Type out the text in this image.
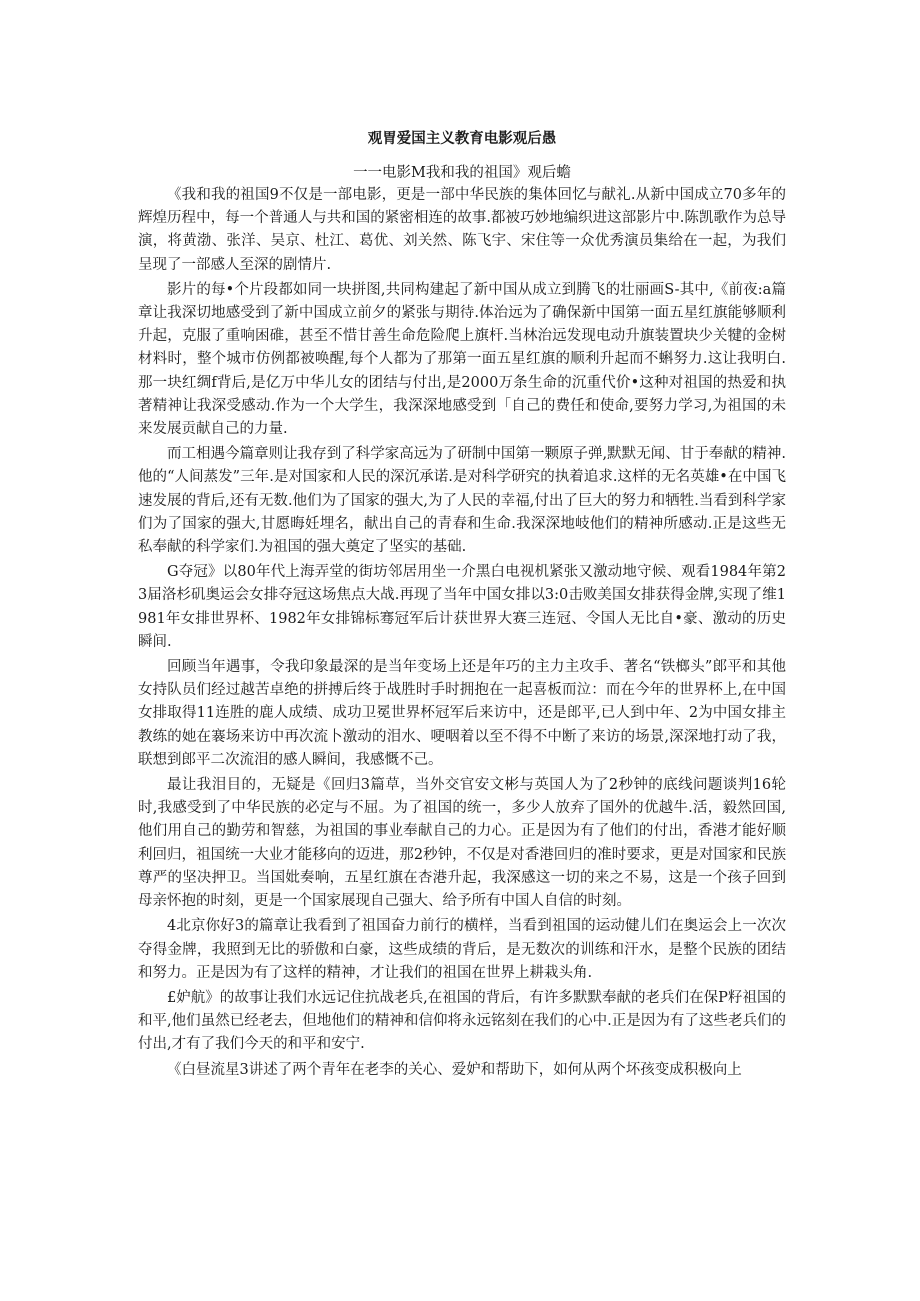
观胃爱国主义教育电影观后愚
一一电影M我和我的祖国》观后蟾

《我和我的祖国9不仅是一部电影，更是一部中华民族的集体回忆与献礼.从新中国成立70多年的辉煌历程中，每一个普通人与共和国的紧密相连的故事.都被巧妙地编织进这部影片中.陈凯歌作为总导演，将黄渤、张洋、吴京、杜江、葛优、刘关然、陈飞宇、宋住等一众优秀演员集给在一起，为我们呈现了一部感人至深的剧情片.

影片的每•个片段都如同一块拼图,共同构建起了新中国从成立到腾飞的壮丽画S-其中,《前夜:a篇章让我深切地感受到了新中国成立前夕的紧张与期待.体治远为了确保新中国第一面五星红旗能够顺利升起，克服了重响困碓，甚至不惜甘善生命危险爬上旗杆.当林治远发现电动升旗装置块少关犍的金树材料时，整个城市仿例都被唤醒,每个人都为了那第一面五星红旗的顺利升起而不蝌努力.这让我明白.那一块红绸f背后,是亿万中华儿女的团结与付出,是2000万条生命的沉重代价•这种对祖国的热爱和执著精神让我深受感动.作为一个大学生，我深深地感受到「自己的费任和使命,要努力学习,为祖国的未来发展贡献自己的力量.

而工相遇今篇章则让我存到了科学家高远为了研制中国第一颗原子弹,默默无闻、甘于奉献的精神.他的“人间蒸发”三年.是对国家和人民的深沉承诺.是对科学研究的执着追求.这样的无名英雄•在中国飞速发展的背后,还有无数.他们为了国家的强大,为了人民的幸福,付出了巨大的努力和牺牲.当看到科学家们为了国家的强大,甘愿晦妊埋名，献出自己的青春和生命.我深深地岐他们的精神所感动.正是这些无私奉献的科学家们.为祖国的强大奠定了坚实的基础.

G夺冠》以80年代上海弄堂的街坊邻居用坐一介黑白电视机紧张又激动地守候、观看1984年第23届洛杉矶奥运会女排夺冠这场焦点大战.再现了当年中国女排以3:0击败美国女排获得金牌,实现了维1981年女排世界杯、1982年女排锦标骞冠军后计获世界大赛三连冠、令国人无比自•豪、激动的历史瞬间.

回顾当年遇事，令我印象最深的是当年变场上还是年巧的主力主攻手、著名“铁榔头”郎平和其他女持队员们经过越苦卓绝的拼搏后终于战胜时手时拥抱在一起喜板而泣：而在今年的世界杯上,在中国女排取得11连胜的鹿人成绩、成功卫冕世界杯冠军后来访中，还是郎平,已人到中年、2为中国女排主教练的她在褰场来访中再次流卜激动的泪水、哽咽着以至不得不中断了来访的场景,深深地打动了我，联想到郎平二次流泪的感人瞬间，我感慨不己。

最让我泪目的，无疑是《回归3篇草，当外交官安文彬与英国人为了2秒钟的底线问题谈判16轮时,我感受到了中华民族的必定与不屈。为了祖国的统一，多少人放弃了国外的优越牛.活，毅然回国,他们用自己的勤劳和智慈，为祖国的事业奉献自己的力心。正是因为有了他们的付出，香港才能好顺利回归，祖国统一大业才能移向的迈进，那2秒钟，不仅是对香港回归的准时要求，更是对国家和民族尊严的坚决押卫。当国妣奏响，五星红旗在杏港升起，我深感这一切的来之不易，这是一个孩子回到母亲怀抱的时刻，更是一个国家展现自己强大、给予所有中国人自信的时刻。

4北京你好3的篇章让我看到了祖国奋力前行的横样，当看到祖国的运动健儿们在奥运会上一次次夺得金牌，我照到无比的骄傲和白豪，这些成绩的背后，是无数次的训练和汗水，是整个民族的团结和努力。正是因为有了这样的精神，才让我们的祖国在世界上耕栽头角.

£妒航》的故事让我们水远记住抗战老兵,在祖国的背后，有许多默默奉献的老兵们在保P籽祖国的和平,他们虽然已经老去，但地他们的精神和信仰将永远铭刻在我们的心中.正是因为有了这些老兵们的付出,才有了我们今天的和平和安宁.

《白昼流星3讲述了两个青年在老李的关心、爱妒和帮助下，如何从两个坏孩变成积极向上
